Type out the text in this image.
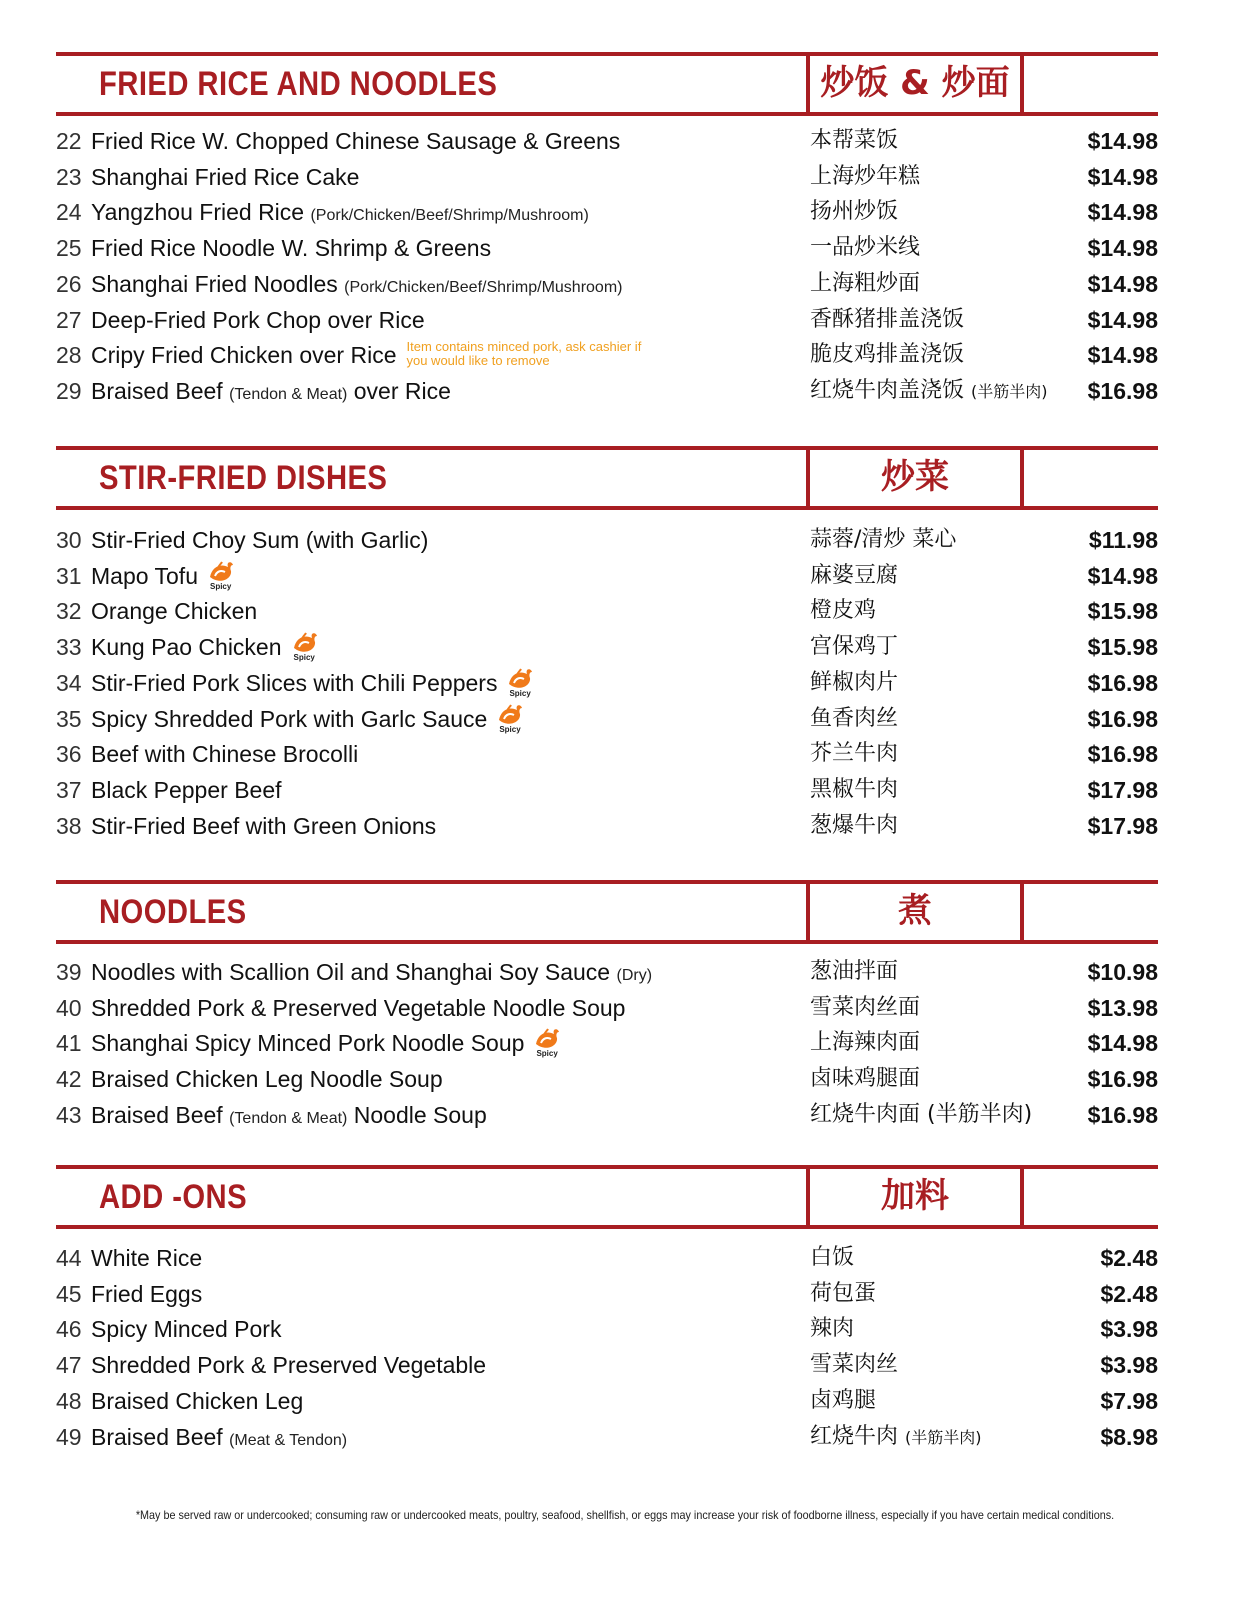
FRIED RICE AND NOODLES	炒饭 & 炒面
22 Fried Rice W. Chopped Chinese Sausage & Greens	本帮菜饭	$14.98
23 Shanghai Fried Rice Cake	上海炒年糕	$14.98
24 Yangzhou Fried Rice (Pork/Chicken/Beef/Shrimp/Mushroom)	扬州炒饭	$14.98
25 Fried Rice Noodle W. Shrimp & Greens	一品炒米线	$14.98
26 Shanghai Fried Noodles (Pork/Chicken/Beef/Shrimp/Mushroom)	上海粗炒面	$14.98
27 Deep-Fried Pork Chop over Rice	香酥猪排盖浇饭	$14.98
28 Cripy Fried Chicken over Rice Item contains minced pork, ask cashier if you would like to remove	脆皮鸡排盖浇饭	$14.98
29 Braised Beef (Tendon & Meat) over Rice	红烧牛肉盖浇饭 (半筋半肉) $16.98
STIR-FRIED DISHES	炒菜
30 Stir-Fried Choy Sum (with Garlic)	蒜蓉/清炒 菜心	$11.98
31 Mapo Tofu Spicy	麻婆豆腐	$14.98
32 Orange Chicken	橙皮鸡	$15.98
33 Kung Pao Chicken Spicy	宫保鸡丁	$15.98
34 Stir-Fried Pork Slices with Chili Peppers Spicy	鲜椒肉片	$16.98
35 Spicy Shredded Pork with Garlc Sauce Spicy	鱼香肉丝	$16.98
36 Beef with Chinese Brocolli	芥兰牛肉	$16.98
37 Black Pepper Beef	黑椒牛肉	$17.98
38 Stir-Fried Beef with Green Onions	葱爆牛肉	$17.98
NOODLES	煮
39 Noodles with Scallion Oil and Shanghai Soy Sauce (Dry)	葱油拌面	$10.98
40 Shredded Pork & Preserved Vegetable Noodle Soup	雪菜肉丝面	$13.98
41 Shanghai Spicy Minced Pork Noodle Soup Spicy	上海辣肉面	$14.98
42 Braised Chicken Leg Noodle Soup	卤味鸡腿面	$16.98
43 Braised Beef (Tendon & Meat) Noodle Soup	红烧牛肉面 (半筋半肉) $16.98
ADD -ONS	加料
44 White Rice	白饭	$2.48
45 Fried Eggs	荷包蛋	$2.48
46 Spicy Minced Pork	辣肉	$3.98
47 Shredded Pork & Preserved Vegetable	雪菜肉丝	$3.98
48 Braised Chicken Leg	卤鸡腿	$7.98
49 Braised Beef (Meat & Tendon)	红烧牛肉 (半筋半肉)	$8.98
*May be served raw or undercooked; consuming raw or undercooked meats, poultry, seafood, shellfish, or eggs may increase your risk of foodborne illness, especially if you have certain medical conditions.
